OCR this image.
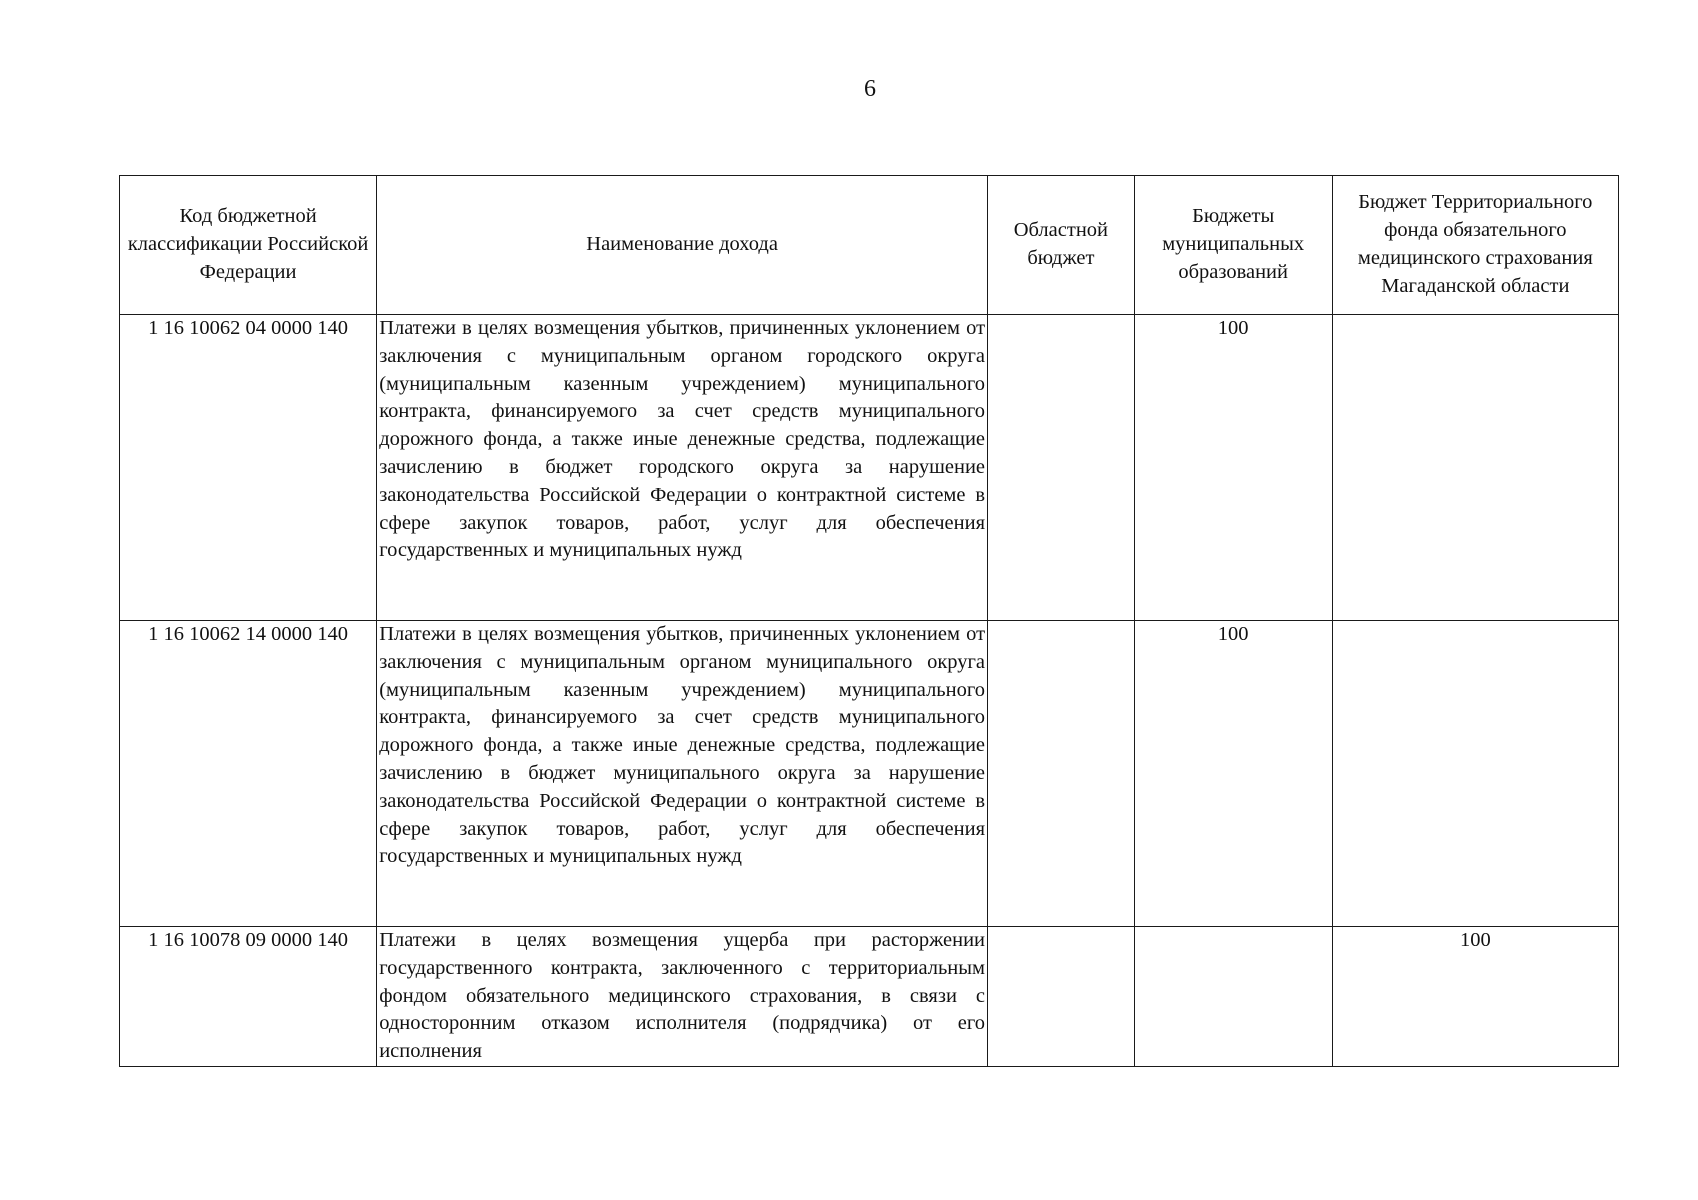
6
Код бюджетной классификации Российской Федерации	Наименование дохода	Областной бюджет	Бюджеты муниципальных образований	Бюджет Территориального фонда обязательного медицинского страхования Магаданской области
1 16 10062 04 0000 140	Платежи в целях возмещения убытков, причиненных уклонением от заключения с муниципальным органом городского округа (муниципальным казенным учреждением) муниципального контракта, финансируемого за счет средств муниципального дорожного фонда, а также иные денежные средства, подлежащие зачислению в бюджет городского округа за нарушение законодательства Российской Федерации о контрактной системе в сфере закупок товаров, работ, услуг для обеспечения государственных и муниципальных нужд		100	
1 16 10062 14 0000 140	Платежи в целях возмещения убытков, причиненных уклонением от заключения с муниципальным органом муниципального округа (муниципальным казенным учреждением) муниципального контракта, финансируемого за счет средств муниципального дорожного фонда, а также иные денежные средства, подлежащие зачислению в бюджет муниципального округа за нарушение законодательства Российской Федерации о контрактной системе в сфере закупок товаров, работ, услуг для обеспечения государственных и муниципальных нужд		100	
1 16 10078 09 0000 140	Платежи в целях возмещения ущерба при расторжении государственного контракта, заключенного с территориальным фондом обязательного медицинского страхования, в связи с односторонним отказом исполнителя (подрядчика) от его исполнения			100
